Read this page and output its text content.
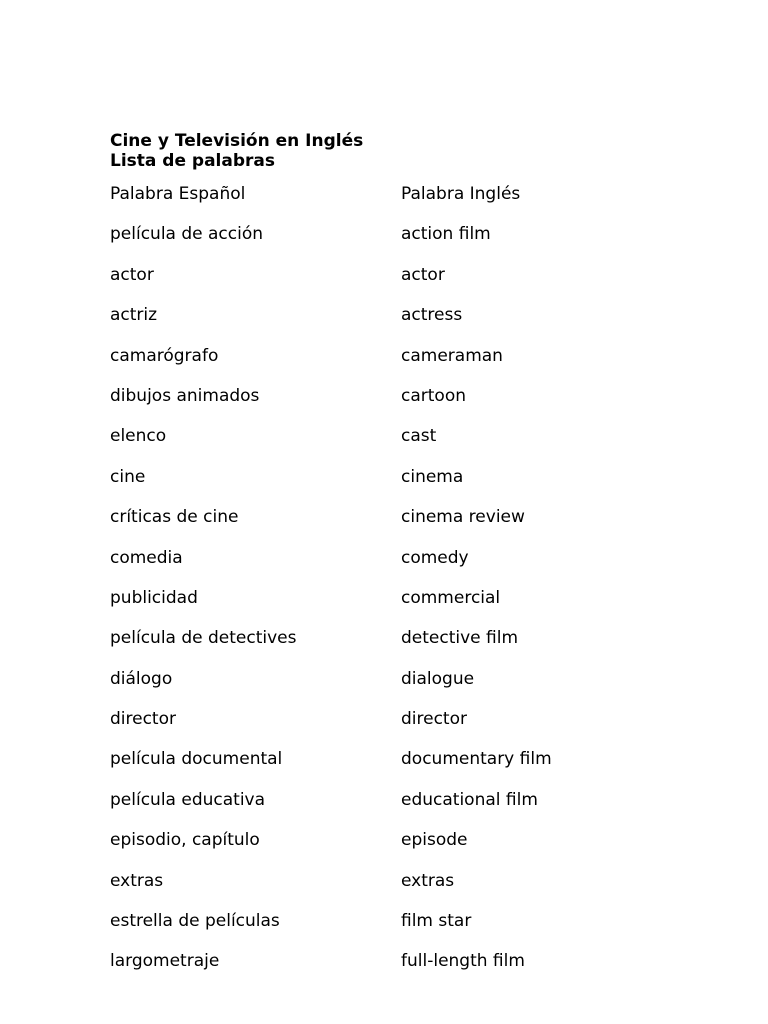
Cine y Televisión en Inglés
Lista de palabras
Palabra Español	Palabra Inglés
película de acción	action film
actor	actor
actriz	actress
camarógrafo	cameraman
dibujos animados	cartoon
elenco	cast
cine	cinema
críticas de cine	cinema review
comedia	comedy
publicidad	commercial
película de detectives	detective film
diálogo	dialogue
director	director
película documental	documentary film
película educativa	educational film
episodio, capítulo	episode
extras	extras
estrella de películas	film star
largometraje	full-length film
